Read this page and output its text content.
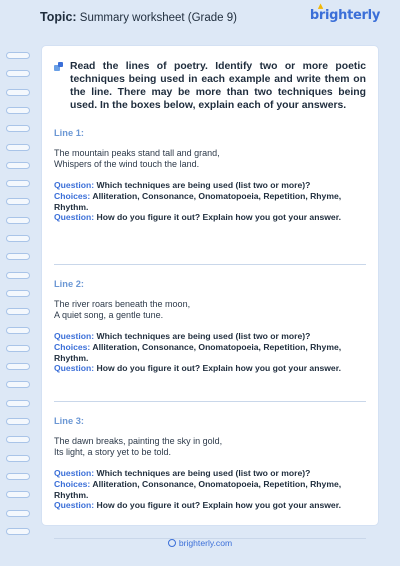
Topic: Summary worksheet (Grade 9)
▲
brighterly
Read the lines of poetry. Identify two or more poetic techniques being used in each example and write them on the line. There may be more than two techniques being used. In the boxes below, explain each of your answers.
Line 1:
The mountain peaks stand tall and grand,
Whispers of the wind touch the land.
Question: Which techniques are being used (list two or more)?
Choices: Alliteration, Consonance, Onomatopoeia, Repetition, Rhyme, Rhythm.
Question: How do you figure it out? Explain how you got your answer.
Line 2:
The river roars beneath the moon,
A quiet song, a gentle tune.
Question: Which techniques are being used (list two or more)?
Choices: Alliteration, Consonance, Onomatopoeia, Repetition, Rhyme, Rhythm.
Question: How do you figure it out? Explain how you got your answer.
Line 3:
The dawn breaks, painting the sky in gold,
Its light, a story yet to be told.
Question: Which techniques are being used (list two or more)?
Choices: Alliteration, Consonance, Onomatopoeia, Repetition, Rhyme, Rhythm.
Question: How do you figure it out? Explain how you got your answer.
brighterly.com
